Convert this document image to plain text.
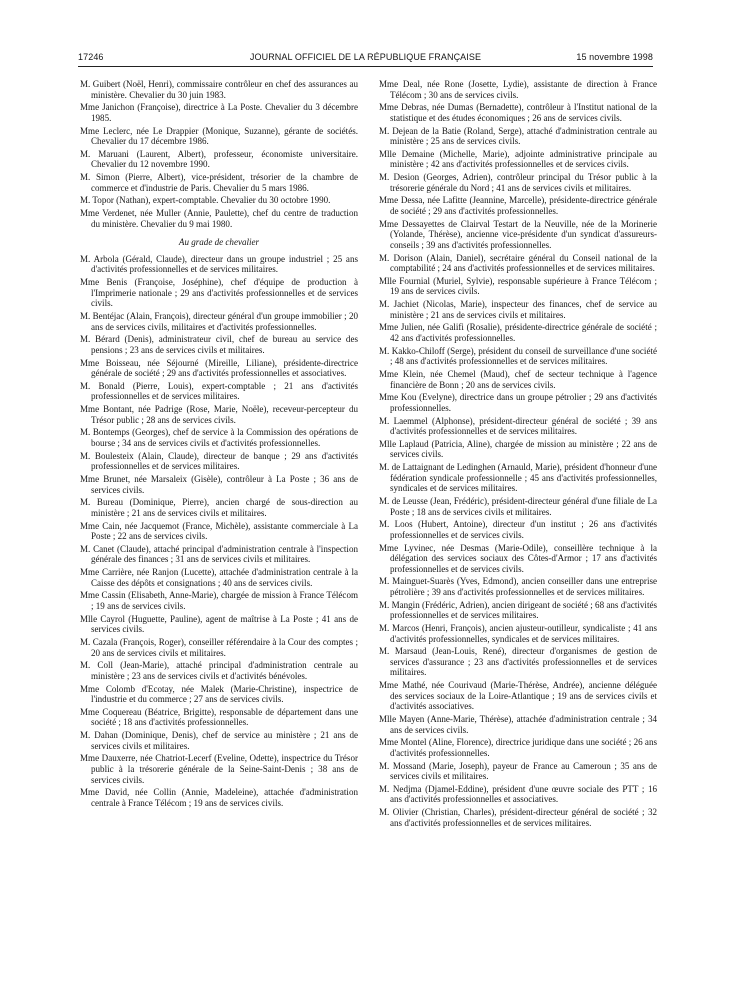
17246	JOURNAL OFFICIEL DE LA RÉPUBLIQUE FRANÇAISE	15 novembre 1998

M. Guibert (Noël, Henri), commissaire contrôleur en chef des assurances au ministère. Chevalier du 30 juin 1983.

Mme Janichon (Françoise), directrice à La Poste. Chevalier du 3 décembre 1985.

Mme Leclerc, née Le Drappier (Monique, Suzanne), gérante de sociétés. Chevalier du 17 décembre 1986.

M. Maruani (Laurent, Albert), professeur, économiste universitaire. Chevalier du 12 novembre 1990.

M. Simon (Pierre, Albert), vice-président, trésorier de la chambre de commerce et d'industrie de Paris. Chevalier du 5 mars 1986.

M. Topor (Nathan), expert-comptable. Chevalier du 30 octobre 1990.

Mme Verdenet, née Muller (Annie, Paulette), chef du centre de traduction du ministère. Chevalier du 9 mai 1980.

Au grade de chevalier

M. Arbola (Gérald, Claude), directeur dans un groupe industriel ; 25 ans d'activités professionnelles et de services militaires.

Mme Benis (Françoise, Joséphine), chef d'équipe de production à l'Imprimerie nationale ; 29 ans d'activités professionnelles et de services civils.

M. Bentéjac (Alain, François), directeur général d'un groupe immobilier ; 20 ans de services civils, militaires et d'activités professionnelles.

M. Bérard (Denis), administrateur civil, chef de bureau au service des pensions ; 23 ans de services civils et militaires.

Mme Boisseau, née Séjourné (Mireille, Liliane), présidente-directrice générale de société ; 29 ans d'activités professionnelles et associatives.

M. Bonald (Pierre, Louis), expert-comptable ; 21 ans d'activités professionnelles et de services militaires.

Mme Bontant, née Padrige (Rose, Marie, Noële), receveur-percepteur du Trésor public ; 28 ans de services civils.

M. Bontemps (Georges), chef de service à la Commission des opérations de bourse ; 34 ans de services civils et d'activités professionnelles.

M. Boulesteix (Alain, Claude), directeur de banque ; 29 ans d'activités professionnelles et de services militaires.

Mme Brunet, née Marsaleix (Gisèle), contrôleur à La Poste ; 36 ans de services civils.

M. Bureau (Dominique, Pierre), ancien chargé de sous-direction au ministère ; 21 ans de services civils et militaires.

Mme Cain, née Jacquemot (France, Michèle), assistante commerciale à La Poste ; 22 ans de services civils.

M. Canet (Claude), attaché principal d'administration centrale à l'inspection générale des finances ; 31 ans de services civils et militaires.

Mme Carrière, née Ranjon (Lucette), attachée d'administration centrale à la Caisse des dépôts et consignations ; 40 ans de services civils.

Mme Cassin (Elisabeth, Anne-Marie), chargée de mission à France Télécom ; 19 ans de services civils.

Mlle Cayrol (Huguette, Pauline), agent de maîtrise à La Poste ; 41 ans de services civils.

M. Cazala (François, Roger), conseiller référendaire à la Cour des comptes ; 20 ans de services civils et militaires.

M. Coll (Jean-Marie), attaché principal d'administration centrale au ministère ; 23 ans de services civils et d'activités bénévoles.

Mme Colomb d'Ecotay, née Malek (Marie-Christine), inspectrice de l'industrie et du commerce ; 27 ans de services civils.

Mme Coquereau (Béatrice, Brigitte), responsable de département dans une société ; 18 ans d'activités professionnelles.

M. Dahan (Dominique, Denis), chef de service au ministère ; 21 ans de services civils et militaires.

Mme Dauxerre, née Chatriot-Lecerf (Eveline, Odette), inspectrice du Trésor public à la trésorerie générale de la Seine-Saint-Denis ; 38 ans de services civils.

Mme David, née Collin (Annie, Madeleine), attachée d'administration centrale à France Télécom ; 19 ans de services civils.

Mme Deal, née Rone (Josette, Lydie), assistante de direction à France Télécom ; 30 ans de services civils.

Mme Debras, née Dumas (Bernadette), contrôleur à l'Institut national de la statistique et des études économiques ; 26 ans de services civils.

M. Dejean de la Batie (Roland, Serge), attaché d'administration centrale au ministère ; 25 ans de services civils.

Mlle Demaine (Michelle, Marie), adjointe administrative principale au ministère ; 42 ans d'activités professionnelles et de services civils.

M. Desion (Georges, Adrien), contrôleur principal du Trésor public à la trésorerie générale du Nord ; 41 ans de services civils et militaires.

Mme Dessa, née Lafitte (Jeannine, Marcelle), présidente-directrice générale de société ; 29 ans d'activités professionnelles.

Mme Dessayettes de Clairval Testart de la Neuville, née de la Morinerie (Yolande, Thérèse), ancienne vice-présidente d'un syndicat d'assureurs-conseils ; 39 ans d'activités professionnelles.

M. Dorison (Alain, Daniel), secrétaire général du Conseil national de la comptabilité ; 24 ans d'activités professionnelles et de services militaires.

Mlle Fournial (Muriel, Sylvie), responsable supérieure à France Télécom ; 19 ans de services civils.

M. Jachiet (Nicolas, Marie), inspecteur des finances, chef de service au ministère ; 21 ans de services civils et militaires.

Mme Julien, née Galifi (Rosalie), présidente-directrice générale de société ; 42 ans d'activités professionnelles.

M. Kakko-Chiloff (Serge), président du conseil de surveillance d'une société ; 48 ans d'activités professionnelles et de services militaires.

Mme Klein, née Chemel (Maud), chef de secteur technique à l'agence financière de Bonn ; 20 ans de services civils.

Mme Kou (Evelyne), directrice dans un groupe pétrolier ; 29 ans d'activités professionnelles.

M. Laemmel (Alphonse), président-directeur général de société ; 39 ans d'activités professionnelles et de services militaires.

Mlle Laplaud (Patricia, Aline), chargée de mission au ministère ; 22 ans de services civils.

M. de Lattaignant de Ledinghen (Arnauld, Marie), président d'honneur d'une fédération syndicale professionnelle ; 45 ans d'activités professionnelles, syndicales et de services militaires.

M. de Leusse (Jean, Frédéric), président-directeur général d'une filiale de La Poste ; 18 ans de services civils et militaires.

M. Loos (Hubert, Antoine), directeur d'un institut ; 26 ans d'activités professionnelles et de services civils.

Mme Lyvinec, née Desmas (Marie-Odile), conseillère technique à la délégation des services sociaux des Côtes-d'Armor ; 17 ans d'activités professionnelles et de services civils.

M. Mainguet-Suarès (Yves, Edmond), ancien conseiller dans une entreprise pétrolière ; 39 ans d'activités professionnelles et de services militaires.

M. Mangin (Frédéric, Adrien), ancien dirigeant de société ; 68 ans d'activités professionnelles et de services militaires.

M. Marcos (Henri, François), ancien ajusteur-outilleur, syndicaliste ; 41 ans d'activités professionnelles, syndicales et de services militaires.

M. Marsaud (Jean-Louis, René), directeur d'organismes de gestion de services d'assurance ; 23 ans d'activités professionnelles et de services militaires.

Mme Mathé, née Courivaud (Marie-Thérèse, Andrée), ancienne déléguée des services sociaux de la Loire-Atlantique ; 19 ans de services civils et d'activités associatives.

Mlle Mayen (Anne-Marie, Thérèse), attachée d'administration centrale ; 34 ans de services civils.

Mme Montel (Aline, Florence), directrice juridique dans une société ; 26 ans d'activités professionnelles.

M. Mossand (Marie, Joseph), payeur de France au Cameroun ; 35 ans de services civils et militaires.

M. Nedjma (Djamel-Eddine), président d'une œuvre sociale des PTT ; 16 ans d'activités professionnelles et associatives.

M. Olivier (Christian, Charles), président-directeur général de société ; 32 ans d'activités professionnelles et de services militaires.
